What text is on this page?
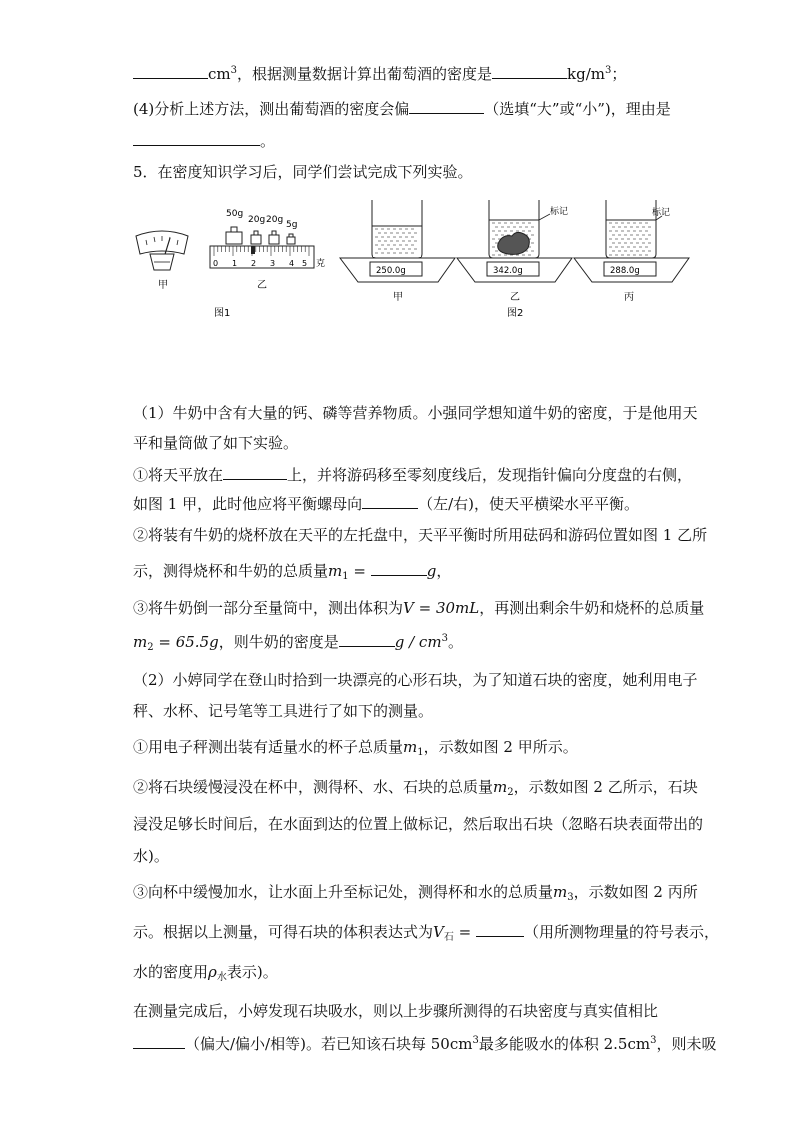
$cm^3$，根据测量数据计算出葡萄酒的密度是	$kg/m^3$；
(4)分析上述方法，测出葡萄酒的密度会偏	（选填“大”或“小”)，理由是
。
5．在密度知识学习后，同学们尝试完成下列实验。
甲
50g
20g 20g 5g
0 1 2 3 4 5 克
乙
图1
250.0g
甲
标记
342.0g
乙
图2
标记
288.0g
丙
（1）牛奶中含有大量的钙、磷等营养物质。小强同学想知道牛奶的密度，于是他用天
平和量筒做了如下实验。
①将天平放在	上，并将游码移至零刻度线后，发现指针偏向分度盘的右侧，
如图 1 甲，此时他应将平衡螺母向	（左/右)，使天平横梁水平平衡。
②将装有牛奶的烧杯放在天平的左托盘中，天平平衡时所用砝码和游码位置如图 1 乙所
示，测得烧杯和牛奶的总质量$m_1$ =	g，
③将牛奶倒一部分至量筒中，测出体积为V = 30mL，再测出剩余牛奶和烧杯的总质量
$m_2 = 65.5g$，则牛奶的密度是	g / $cm^3$。
（2）小婷同学在登山时拾到一块漂亮的心形石块，为了知道石块的密度，她利用电子
秤、水杯、记号笔等工具进行了如下的测量。
①用电子秤测出装有适量水的杯子总质量$m_1$，示数如图 2 甲所示。
②将石块缓慢浸没在杯中，测得杯、水、石块的总质量$m_2$，示数如图 2 乙所示，石块
浸没足够长时间后，在水面到达的位置上做标记，然后取出石块（忽略石块表面带出的
水)。
③向杯中缓慢加水，让水面上升至标记处，测得杯和水的总质量$m_3$，示数如图 2 丙所
示。根据以上测量，可得石块的体积表达式为$V_石$ =	（用所测物理量的符号表示，
水的密度用$\rho_水$表示)。
在测量完成后，小婷发现石块吸水，则以上步骤所测得的石块密度与真实值相比
（偏大/偏小/相等)。若已知该石块每 $50cm^3$最多能吸水的体积 $2.5cm^3$，则未吸
